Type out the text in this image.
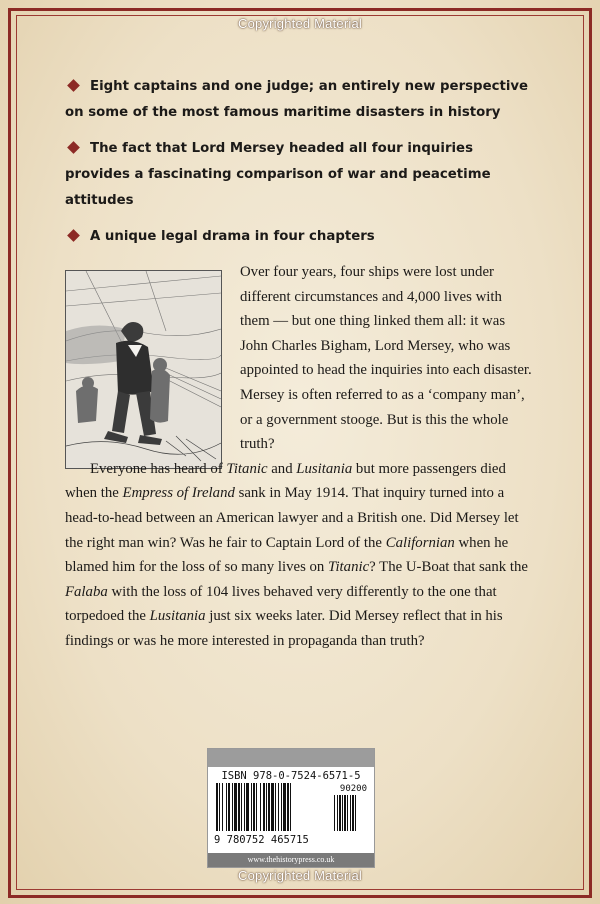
Copyrighted Material
Eight captains and one judge; an entirely new perspective on some of the most famous maritime disasters in history
The fact that Lord Mersey headed all four inquiries provides a fascinating comparison of war and peacetime attitudes
A unique legal drama in four chapters

Over four years, four ships were lost under different circumstances and 4,000 lives with them — but one thing linked them all: it was John Charles Bigham, Lord Mersey, who was appointed to head the inquiries into each disaster. Mersey is often referred to as a ‘company man’, or a government stooge. But is this the whole truth?

Everyone has heard of Titanic and Lusitania but more passengers died when the Empress of Ireland sank in May 1914. That inquiry turned into a head-to-head between an American lawyer and a British one. Did Mersey let the right man win? Was he fair to Captain Lord of the Californian when he blamed him for the loss of so many lives on Titanic? The U-Boat that sank the Falaba with the loss of 104 lives behaved very differently to the one that torpedoed the Lusitania just six weeks later. Did Mersey reflect that in his findings or was he more interested in propaganda than truth?

ISBN 978-0-7524-6571-5
90200
9 780752 465715
www.thehistorypress.co.uk
Copyrighted Material
